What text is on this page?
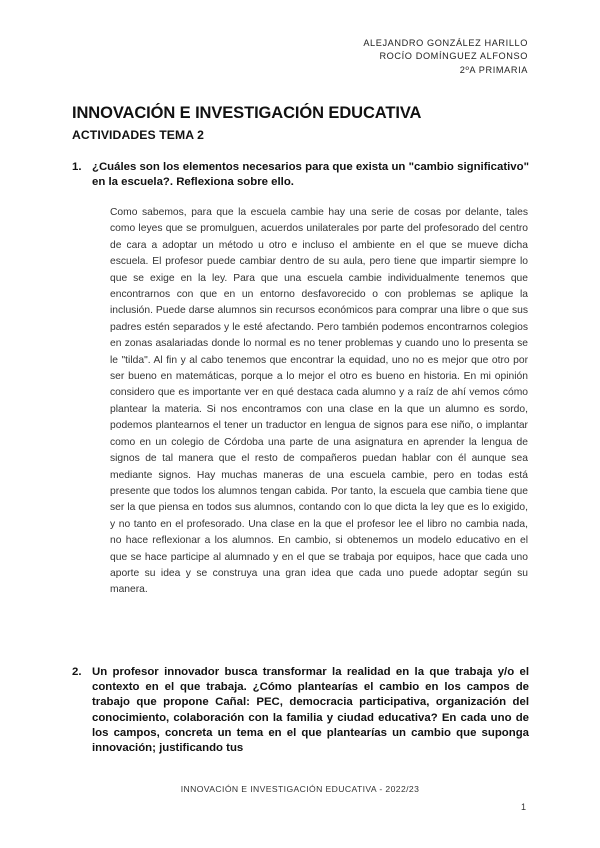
ALEJANDRO GONZÁLEZ HARILLO
ROCÍO DOMÍNGUEZ ALFONSO
2ºA PRIMARIA
INNOVACIÓN E INVESTIGACIÓN EDUCATIVA
ACTIVIDADES TEMA 2
1. ¿Cuáles son los elementos necesarios para que exista un "cambio significativo" en la escuela?. Reflexiona sobre ello.

Como sabemos, para que la escuela cambie hay una serie de cosas por delante, tales como leyes que se promulguen, acuerdos unilaterales por parte del profesorado del centro de cara a adoptar un método u otro e incluso el ambiente en el que se mueve dicha escuela. El profesor puede cambiar dentro de su aula, pero tiene que impartir siempre lo que se exige en la ley. Para que una escuela cambie individualmente tenemos que encontrarnos con que en un entorno desfavorecido o con problemas se aplique la inclusión. Puede darse alumnos sin recursos económicos para comprar una libre o que sus padres estén separados y le esté afectando. Pero también podemos encontrarnos colegios en zonas asalariadas donde lo normal es no tener problemas y cuando uno lo presenta se le "tilda". Al fin y al cabo tenemos que encontrar la equidad, uno no es mejor que otro por ser bueno en matemáticas, porque a lo mejor el otro es bueno en historia. En mi opinión considero que es importante ver en qué destaca cada alumno y a raíz de ahí vemos cómo plantear la materia. Si nos encontramos con una clase en la que un alumno es sordo, podemos plantearnos el tener un traductor en lengua de signos para ese niño, o implantar como en un colegio de Córdoba una parte de una asignatura en aprender la lengua de signos de tal manera que el resto de compañeros puedan hablar con él aunque sea mediante signos. Hay muchas maneras de una escuela cambie, pero en todas está presente que todos los alumnos tengan cabida. Por tanto, la escuela que cambia tiene que ser la que piensa en todos sus alumnos, contando con lo que dicta la ley que es lo exigido, y no tanto en el profesorado. Una clase en la que el profesor lee el libro no cambia nada, no hace reflexionar a los alumnos. En cambio, si obtenemos un modelo educativo en el que se hace participe al alumnado y en el que se trabaja por equipos, hace que cada uno aporte su idea y se construya una gran idea que cada uno puede adoptar según su manera.

2. Un profesor innovador busca transformar la realidad en la que trabaja y/o el contexto en el que trabaja. ¿Cómo plantearías el cambio en los campos de trabajo que propone Cañal: PEC, democracia participativa, organización del conocimiento, colaboración con la familia y ciudad educativa? En cada uno de los campos, concreta un tema en el que plantearías un cambio que suponga innovación; justificando tus
INNOVACIÓN E INVESTIGACIÓN EDUCATIVA - 2022/23
1
